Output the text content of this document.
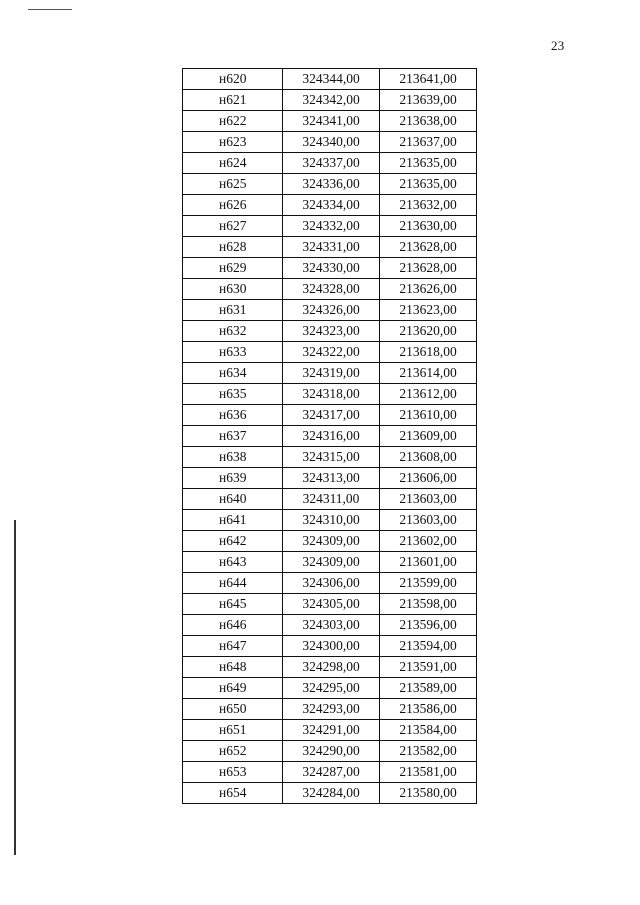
23
н620	324344,00	213641,00
н621	324342,00	213639,00
н622	324341,00	213638,00
н623	324340,00	213637,00
н624	324337,00	213635,00
н625	324336,00	213635,00
н626	324334,00	213632,00
н627	324332,00	213630,00
н628	324331,00	213628,00
н629	324330,00	213628,00
н630	324328,00	213626,00
н631	324326,00	213623,00
н632	324323,00	213620,00
н633	324322,00	213618,00
н634	324319,00	213614,00
н635	324318,00	213612,00
н636	324317,00	213610,00
н637	324316,00	213609,00
н638	324315,00	213608,00
н639	324313,00	213606,00
н640	324311,00	213603,00
н641	324310,00	213603,00
н642	324309,00	213602,00
н643	324309,00	213601,00
н644	324306,00	213599,00
н645	324305,00	213598,00
н646	324303,00	213596,00
н647	324300,00	213594,00
н648	324298,00	213591,00
н649	324295,00	213589,00
н650	324293,00	213586,00
н651	324291,00	213584,00
н652	324290,00	213582,00
н653	324287,00	213581,00
н654	324284,00	213580,00
